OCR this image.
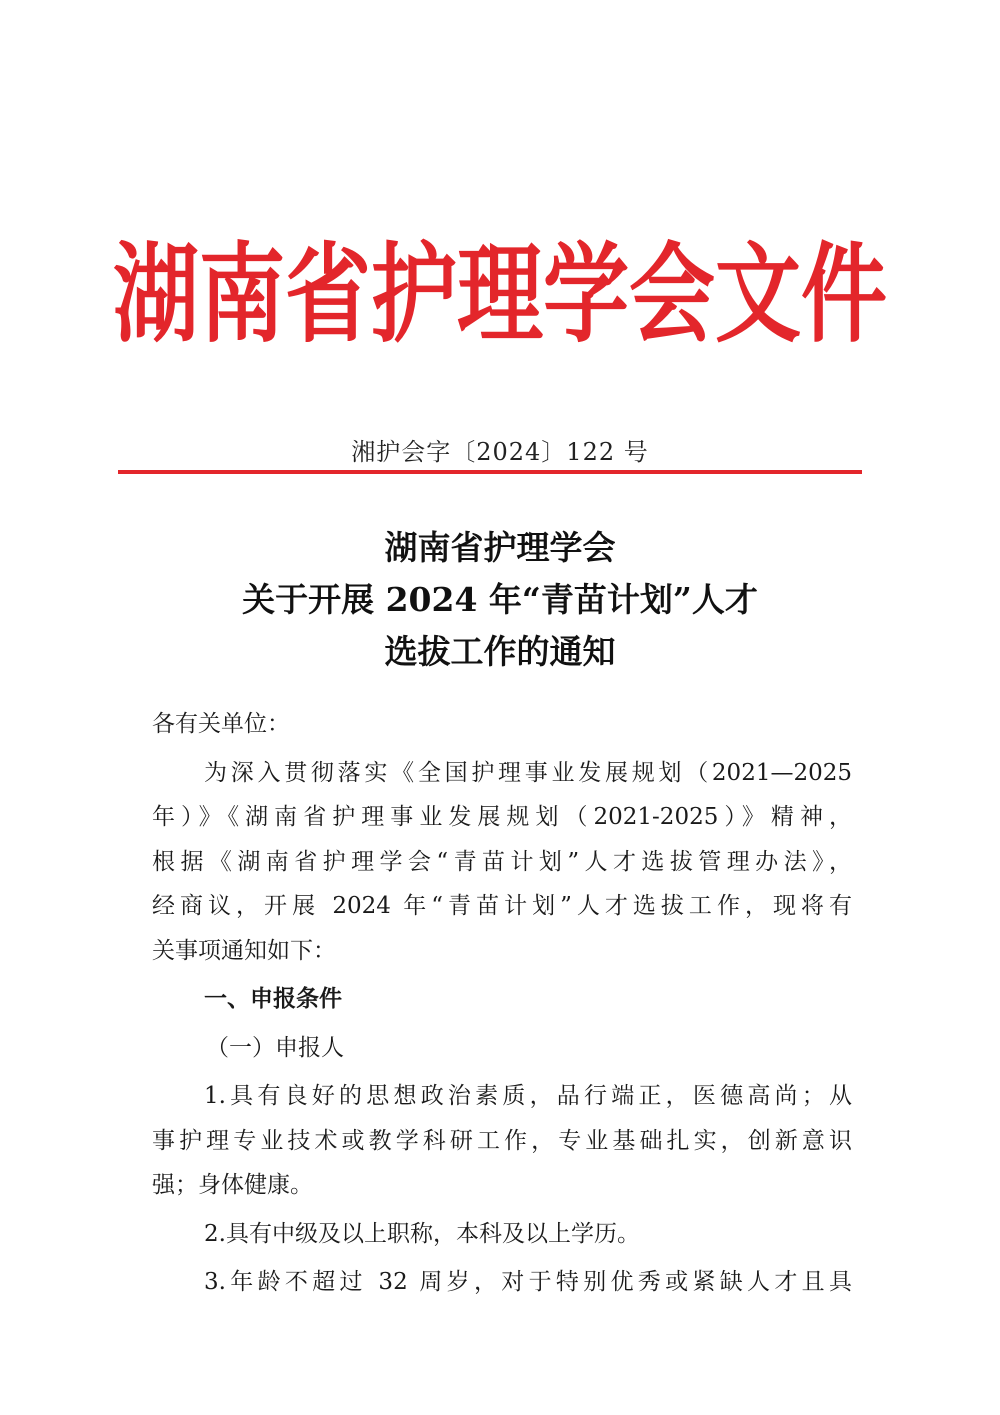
湖南省护理学会文件
湘护会字〔2024〕122 号
湖南省护理学会
关于开展 2024 年“青苗计划”人才
选拔工作的通知
各有关单位：
为深入贯彻落实《全国护理事业发展规划（2021—2025
年）》《湖南省护理事业发展规划（2021-2025）》精神，
根据《湖南省护理学会“青苗计划”人才选拔管理办法》，
经商议，开展 2024 年“青苗计划”人才选拔工作，现将有
关事项通知如下：
一、申报条件
（一）申报人
1.具有良好的思想政治素质，品行端正，医德高尚；从
事护理专业技术或教学科研工作，专业基础扎实，创新意识
强；身体健康。
2.具有中级及以上职称，本科及以上学历。
3.年龄不超过 32 周岁，对于特别优秀或紧缺人才且具
